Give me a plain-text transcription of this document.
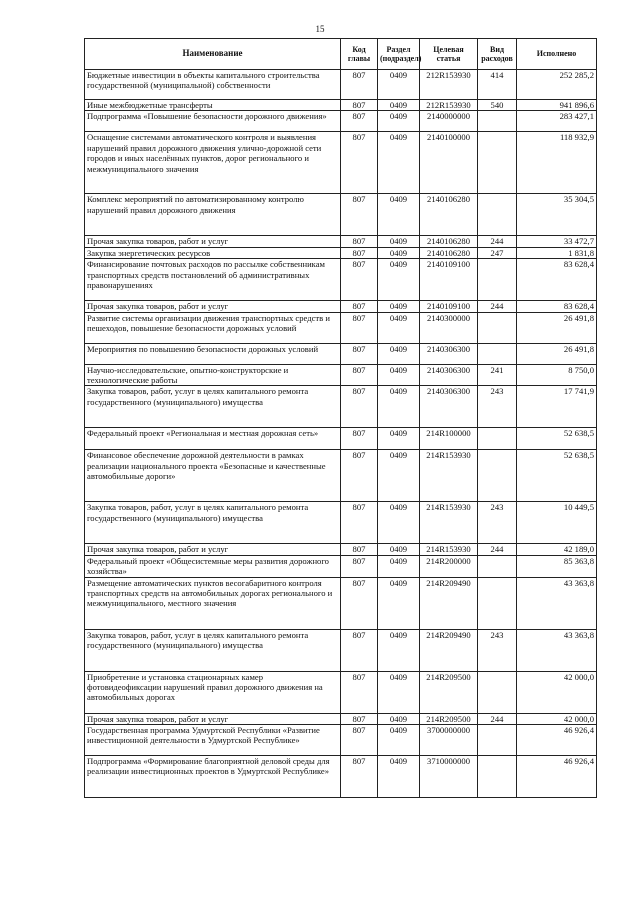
15
Наименование	Код главы	Раздел (подраздел)	Целевая статья	Вид расходов	Исполнено
Бюджетные инвестиции в объекты капитального строительства государственной (муниципальной) собственности	807	0409	212R153930	414	252 285,2
Иные межбюджетные трансферты	807	0409	212R153930	540	941 896,6
Подпрограмма «Повышение безопасности дорожного движения»	807	0409	2140000000		283 427,1
Оснащение системами автоматического контроля и выявления нарушений правил дорожного движения улично-дорожной сети городов и иных населённых пунктов, дорог регионального и межмуниципального значения	807	0409	2140100000		118 932,9
Комплекс мероприятий по автоматизированному контролю нарушений правил дорожного движения	807	0409	2140106280		35 304,5
Прочая закупка товаров, работ и услуг	807	0409	2140106280	244	33 472,7
Закупка энергетических ресурсов	807	0409	2140106280	247	1 831,8
Финансирование почтовых расходов по рассылке собственникам транспортных средств постановлений об административных правонарушениях	807	0409	2140109100		83 628,4
Прочая закупка товаров, работ и услуг	807	0409	2140109100	244	83 628,4
Развитие системы организации движения транспортных средств и пешеходов, повышение безопасности дорожных условий	807	0409	2140300000		26 491,8
Мероприятия по повышению безопасности дорожных условий	807	0409	2140306300		26 491,8
Научно-исследовательские, опытно-конструкторские и технологические работы	807	0409	2140306300	241	8 750,0
Закупка товаров, работ, услуг в целях капитального ремонта государственного (муниципального) имущества	807	0409	2140306300	243	17 741,9
Федеральный проект «Региональная и местная дорожная сеть»	807	0409	214R100000		52 638,5
Финансовое обеспечение дорожной деятельности в рамках реализации национального проекта «Безопасные и качественные автомобильные дороги»	807	0409	214R153930		52 638,5
Закупка товаров, работ, услуг в целях капитального ремонта государственного (муниципального) имущества	807	0409	214R153930	243	10 449,5
Прочая закупка товаров, работ и услуг	807	0409	214R153930	244	42 189,0
Федеральный проект «Общесистемные меры развития дорожного хозяйства»	807	0409	214R200000		85 363,8
Размещение автоматических пунктов весогабаритного контроля транспортных средств на автомобильных дорогах регионального и межмуниципального, местного значения	807	0409	214R209490		43 363,8
Закупка товаров, работ, услуг в целях капитального ремонта государственного (муниципального) имущества	807	0409	214R209490	243	43 363,8
Приобретение и установка стационарных камер фотовидеофиксации нарушений правил дорожного движения на автомобильных дорогах	807	0409	214R209500		42 000,0
Прочая закупка товаров, работ и услуг	807	0409	214R209500	244	42 000,0
Государственная программа Удмуртской Республики «Развитие инвестиционной деятельности в Удмуртской Республике»	807	0409	3700000000		46 926,4
Подпрограмма «Формирование благоприятной деловой среды для реализации инвестиционных проектов в Удмуртской Республике»	807	0409	3710000000		46 926,4
